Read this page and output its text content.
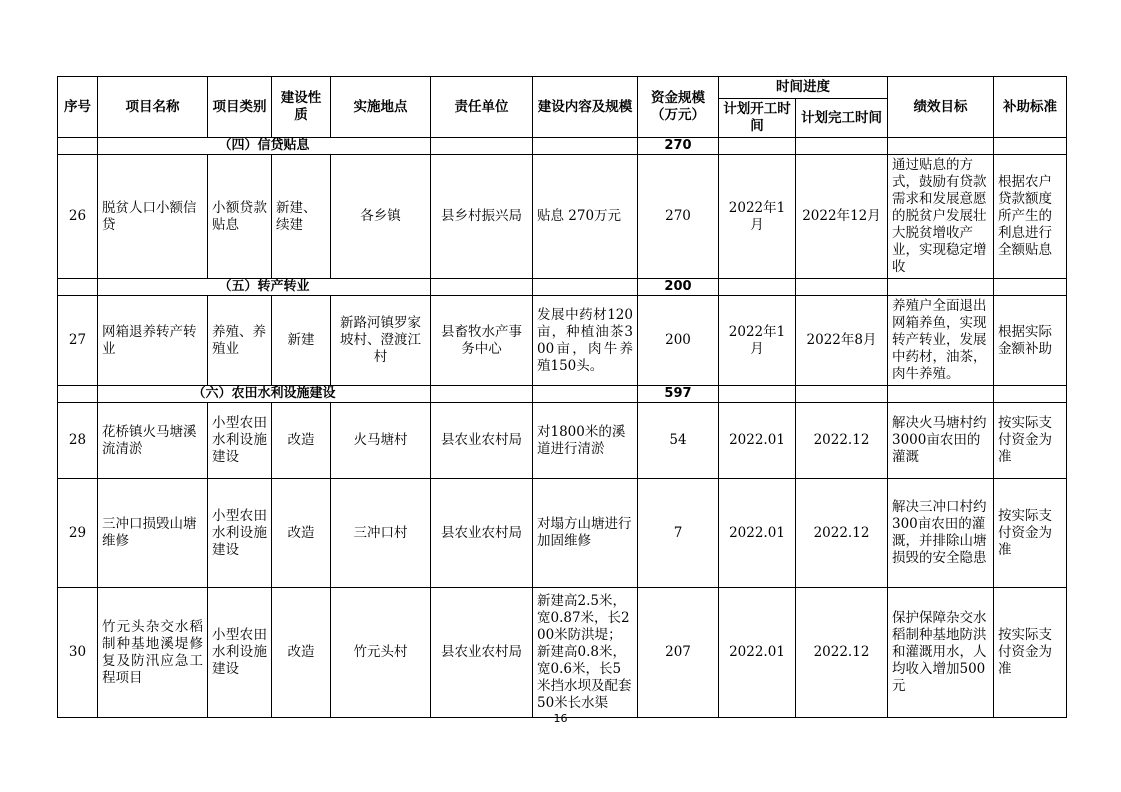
序号	项目名称	项目类别	建设性质	实施地点	责任单位	建设内容及规模	资金规模（万元）	时间进度		绩效目标	补助标准
								计划开工时间	计划完工时间		
	（四）信贷贴息						270				
26	脱贫人口小额信贷	小额贷款贴息	新建、续建	各乡镇	县乡村振兴局	贴息 270万元	270	2022年1月	2022年12月	通过贴息的方式，鼓励有贷款需求和发展意愿的脱贫户发展壮大脱贫增收产业，实现稳定增收	根据农户贷款额度所产生的利息进行全额贴息
	（五）转产转业						200				
27	网箱退养转产转业	养殖、养殖业	新建	新路河镇罗家坡村、澄渡江村	县畜牧水产事务中心	发展中药材120亩，种植油茶300亩，肉牛养殖150头。	200	2022年1月	2022年8月	养殖户全面退出网箱养鱼，实现转产转业，发展中药材，油茶，肉牛养殖。	根据实际金额补助
	（六）农田水利设施建设						597				
28	花桥镇火马塘溪流清淤	小型农田水利设施建设	改造	火马塘村	县农业农村局	对1800米的溪道进行清淤	54	2022.01	2022.12	解决火马塘村约3000亩农田的灌溉	按实际支付资金为准
29	三冲口损毁山塘维修	小型农田水利设施建设	改造	三冲口村	县农业农村局	对塌方山塘进行加固维修	7	2022.01	2022.12	解决三冲口村约300亩农田的灌溉，并排除山塘损毁的安全隐患	按实际支付资金为准
30	竹元头杂交水稻制种基地溪堤修复及防汛应急工程项目	小型农田水利设施建设	改造	竹元头村	县农业农村局	新建高2.5米，宽0.87米，长200米防洪堤；新建高0.8米，宽0.6米，长5米挡水坝及配套50米长水渠	207	2022.01	2022.12	保护保障杂交水稻制种基地防洪和灌溉用水，人均收入增加500元	按实际支付资金为准
16
